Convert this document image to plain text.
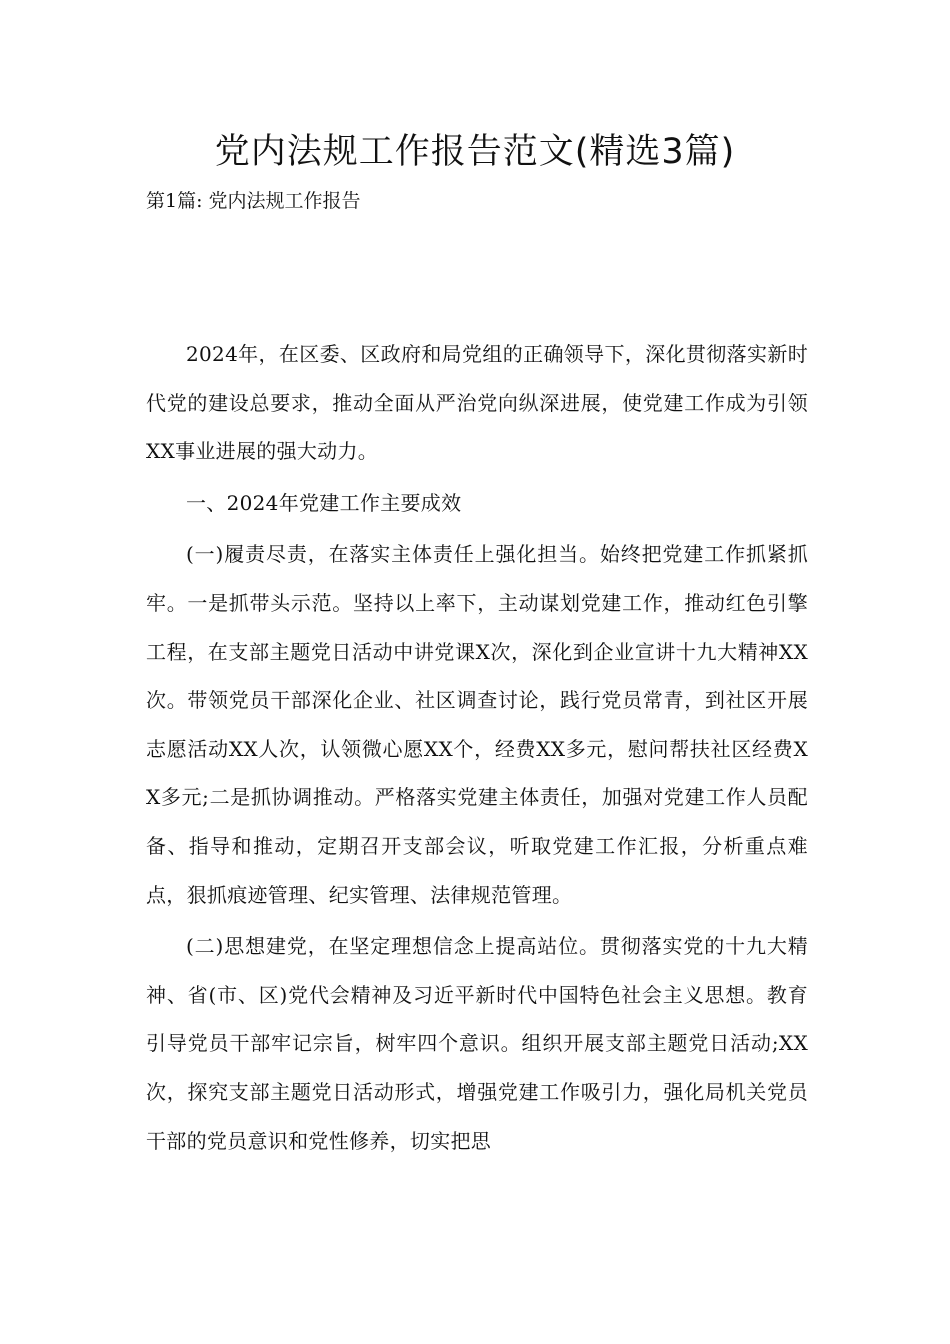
党内法规工作报告范文(精选3篇)

第1篇: 党内法规工作报告

2024年，在区委、区政府和局党组的正确领导下，深化贯彻落实新时代党的建设总要求，推动全面从严治党向纵深进展，使党建工作成为引领XX事业进展的强大动力。

一、2024年党建工作主要成效

(一)履责尽责，在落实主体责任上强化担当。始终把党建工作抓紧抓牢。一是抓带头示范。坚持以上率下，主动谋划党建工作，推动红色引擎工程，在支部主题党日活动中讲党课X次，深化到企业宣讲十九大精神XX次。带领党员干部深化企业、社区调查讨论，践行党员常青，到社区开展志愿活动XX人次，认领微心愿XX个，经费XX多元，慰问帮扶社区经费XX多元;二是抓协调推动。严格落实党建主体责任，加强对党建工作人员配备、指导和推动，定期召开支部会议，听取党建工作汇报，分析重点难点，狠抓痕迹管理、纪实管理、法律规范管理。

(二)思想建党，在坚定理想信念上提高站位。贯彻落实党的十九大精神、省(市、区)党代会精神及习近平新时代中国特色社会主义思想。教育引导党员干部牢记宗旨，树牢四个意识。组织开展支部主题党日活动;XX次，探究支部主题党日活动形式，增强党建工作吸引力，强化局机关党员干部的党员意识和党性修养，切实把思
